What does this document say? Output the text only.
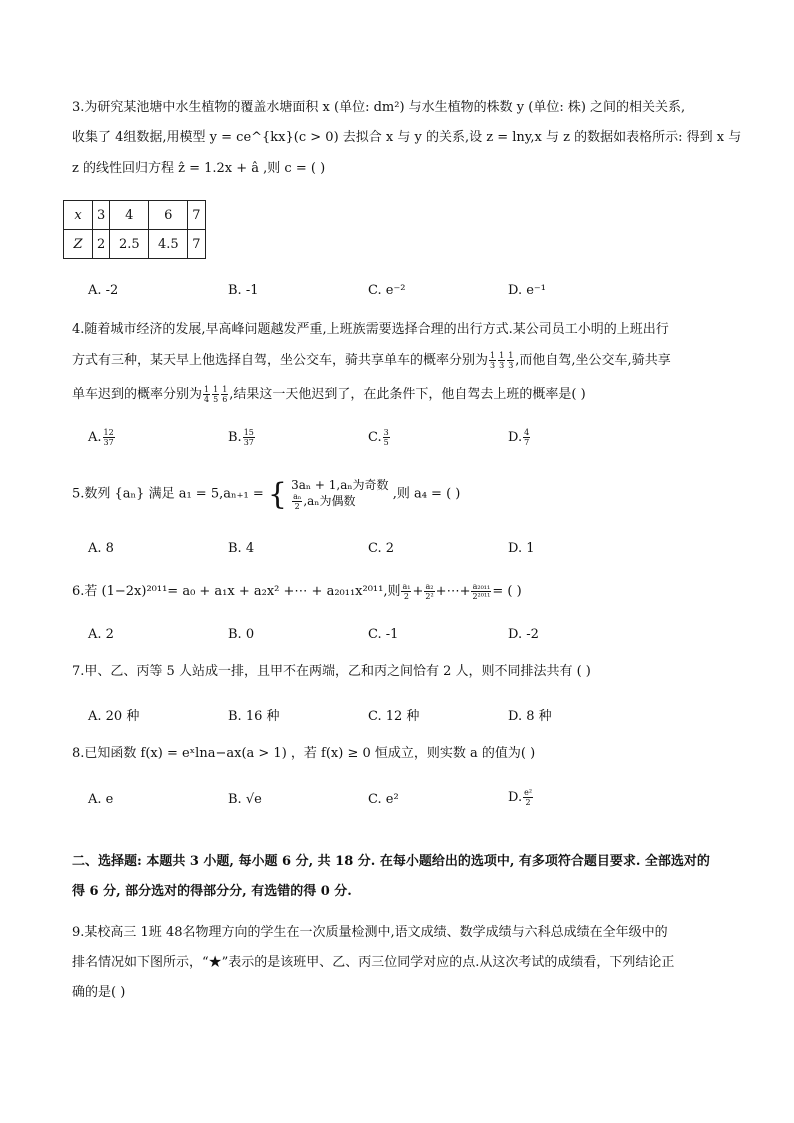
3.为研究某池塘中水生植物的覆盖水塘面积 x (单位: dm²) 与水生植物的株数 y (单位: 株) 之间的相关关系,
收集了 4组数据,用模型 y = ce^{kx}(c > 0) 去拟合 x 与 y 的关系,设 z = lny,x 与 z 的数据如表格所示: 得到 x 与
z 的线性回归方程 ẑ = 1.2x + â ,则 c = ( )
x	3	4	6	7
Z	2	2.5	4.5	7
A. -2	B. -1	C. e⁻²	D. e⁻¹
4.随着城市经济的发展,早高峰问题越发严重,上班族需要选择合理的出行方式.某公司员工小明的上班出行
方式有三种，某天早上他选择自驾，坐公交车，骑共享单车的概率分别为 $\frac{1}{3} \frac{1}{3} \frac{1}{3}$ ,而他自驾,坐公交车,骑共享
单车迟到的概率分别为 $\frac{1}{4} \frac{1}{5} \frac{1}{6}$ ,结果这一天他迟到了，在此条件下，他自驾去上班的概率是( )
A. $\frac{12}{37}$	B. $\frac{15}{37}$	C. $\frac{3}{5}$	D. $\frac{4}{7}$
5.数列 {aₙ} 满足 a₁ = 5,aₙ₊₁ = { 3aₙ + 1,aₙ为奇数
$\frac{\text{aₙ}}{2} ,a_n$为偶数	,则 a₄ = ( )
A. 8	B. 4	C. 2	D. 1
6.若 (1−2x)²⁰¹¹= a₀ + a₁x + a₂x² +⋯ + a₂₀₁₁x²⁰¹¹,则 $\frac{\text{a₁}}{2} + \frac{\text{a₂}}{\text{2²}}$ +⋯+ $\frac{\text{a₂₀₁₁}}{\text{2²⁰¹¹}}$ = ( )
A. 2	B. 0	C. -1	D. -2
7.甲、乙、丙等 5 人站成一排，且甲不在两端，乙和丙之间恰有 2 人，则不同排法共有 ( )
A. 20 种	B. 16 种	C. 12 种	D. 8 种
8.已知函数 f(x) = eˣlna−ax(a > 1) ，若 f(x) ≥ 0 恒成立，则实数 a 的值为( )
A. e	B. √e	C. e²	D. $\frac{\text{e²}}{2}$
二、选择题: 本题共 3 小题, 每小题 6 分, 共 18 分. 在每小题给出的选项中, 有多项符合题目要求. 全部选对的
得 6 分, 部分选对的得部分分, 有选错的得 0 分.
9.某校高三 1班 48名物理方向的学生在一次质量检测中,语文成绩、数学成绩与六科总成绩在全年级中的
排名情况如下图所示，“★”表示的是该班甲、乙、丙三位同学对应的点.从这次考试的成绩看，下列结论正
确的是( )
